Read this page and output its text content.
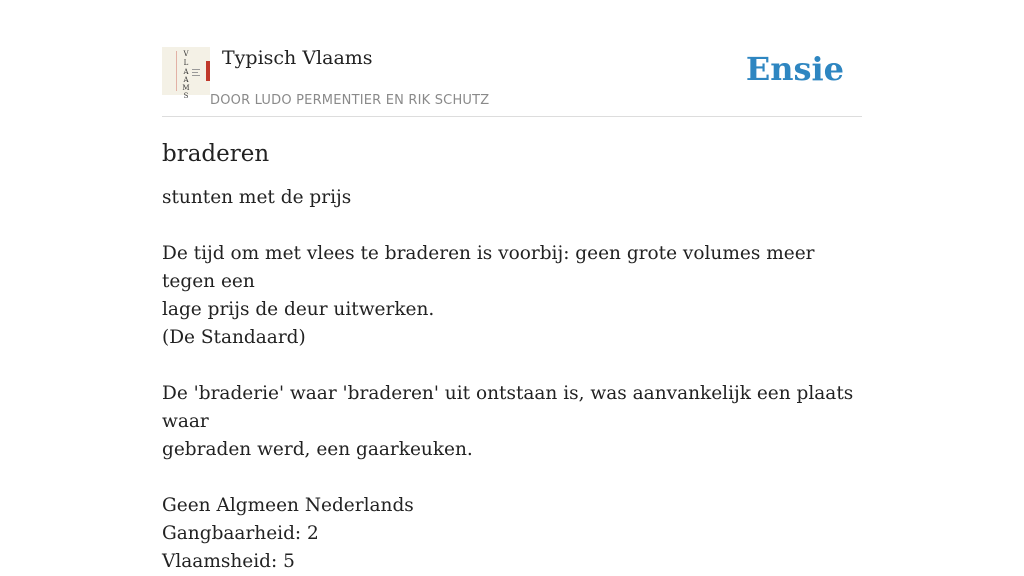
V
L
A
A
M
S
Typisch Vlaams
DOOR LUDO PERMENTIER EN RIK SCHUTZ
Ensie
braderen

stunten met de prijs

De tijd om met vlees te braderen is voorbij: geen grote volumes meer tegen een
lage prijs de deur uitwerken.
(De Standaard)

De 'braderie' waar 'braderen' uit ontstaan is, was aanvankelijk een plaats waar
gebraden werd, een gaarkeuken.

Geen Algmeen Nederlands
Gangbaarheid: 2
Vlaamsheid: 5
